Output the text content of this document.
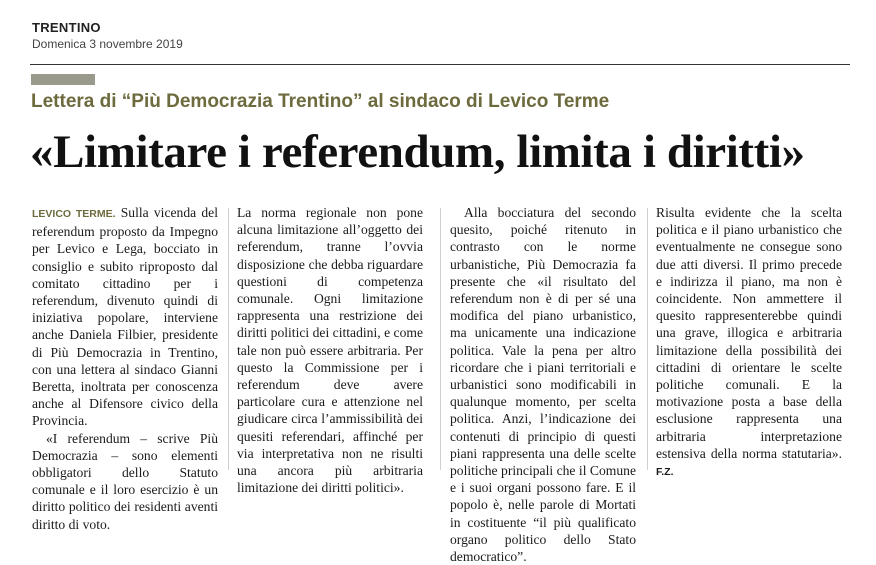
TRENTINO
Domenica 3 novembre 2019
Lettera di “Più Democrazia Trentino” al sindaco di Levico Terme
«Limitare i referendum, limita i diritti»

LEVICO TERME. Sulla vicenda del referendum proposto da Impegno per Levico e Lega, bocciato in consiglio e subito riproposto dal comitato cittadino per i referendum, divenuto quindi di iniziativa popolare, interviene anche Daniela Filbier, presidente di Più Democrazia in Trentino, con una lettera al sindaco Gianni Beretta, inoltrata per conoscenza anche al Difensore civico della Provincia.

«I referendum – scrive Più Democrazia – sono elementi obbligatori dello Statuto comunale e il loro esercizio è un diritto politico dei residenti aventi diritto di voto.

La norma regionale non pone alcuna limitazione all’oggetto dei referendum, tranne l’ovvia disposizione che debba riguardare questioni di competenza comunale. Ogni limitazione rappresenta una restrizione dei diritti politici dei cittadini, e come tale non può essere arbitraria. Per questo la Commissione per i referendum deve avere particolare cura e attenzione nel giudicare circa l’ammissibilità dei quesiti referendari, affinché per via interpretativa non ne risulti una ancora più arbitraria limitazione dei diritti politici».

Alla bocciatura del secondo quesito, poiché ritenuto in contrasto con le norme urbanistiche, Più Democrazia fa presente che «il risultato del referendum non è di per sé una modifica del piano urbanistico, ma unicamente una indicazione politica. Vale la pena per altro ricordare che i piani territoriali e urbanistici sono modificabili in qualunque momento, per scelta politica. Anzi, l’indicazione dei contenuti di principio di questi piani rappresenta una delle scelte politiche principali che il Comune e i suoi organi possono fare. E il popolo è, nelle parole di Mortati in costituente “il più qualificato organo politico dello Stato democratico”.

Risulta evidente che la scelta politica e il piano urbanistico che eventualmente ne consegue sono due atti diversi. Il primo precede e indirizza il piano, ma non è coincidente. Non ammettere il quesito rappresenterebbe quindi una grave, illogica e arbitraria limitazione della possibilità dei cittadini di orientare le scelte politiche comunali. E la motivazione posta a base della esclusione rappresenta una arbitraria interpretazione estensiva della norma statutaria». F.Z.
